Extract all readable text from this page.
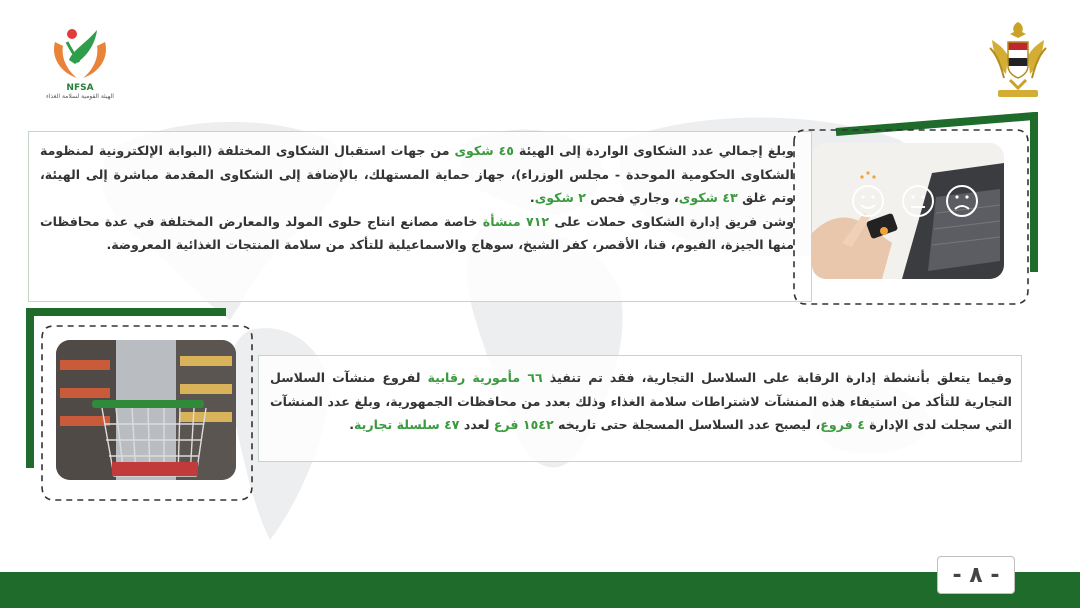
NFSA
الهيئة القومية لسلامة الغذاء
وبلغ إجمالي عدد الشكاوى الواردة إلى الهيئة ٤٥ شكوى من جهات استقبال الشكاوى المختلفة (البوابة الإلكترونية لمنظومة الشكاوى الحكومية الموحدة - مجلس الوزراء)، جهاز حماية المستهلك، بالإضافة إلى الشكاوى المقدمة مباشرة إلى الهيئة، وتم غلق ٤٣ شكوى، وجاري فحص ٢ شكوى.
وشن فريق إدارة الشكاوى حملات على ٧١٢ منشأة خاصة مصانع انتاج حلوى المولد والمعارض المختلفة في عدة محافظات منها الجيزة، الفيوم، قنا، الأقصر، كفر الشيخ، سوهاج والاسماعيلية للتأكد من سلامة المنتجات الغذائية المعروضة.
وفيما يتعلق بأنشطة إدارة الرقابة على السلاسل التجارية، فقد تم تنفيذ ٦٦ مأمورية رقابية لفروع منشآت السلاسل التجارية للتأكد من استيفاء هذه المنشآت لاشتراطات سلامة الغذاء وذلك بعدد من محافظات الجمهورية، وبلغ عدد المنشآت التي سجلت لدى الإدارة ٤ فروع، ليصبح عدد السلاسل المسجلة حتى تاريخه ١٥٤٢ فرع لعدد ٤٧ سلسلة تجارية.
- ٨ -
